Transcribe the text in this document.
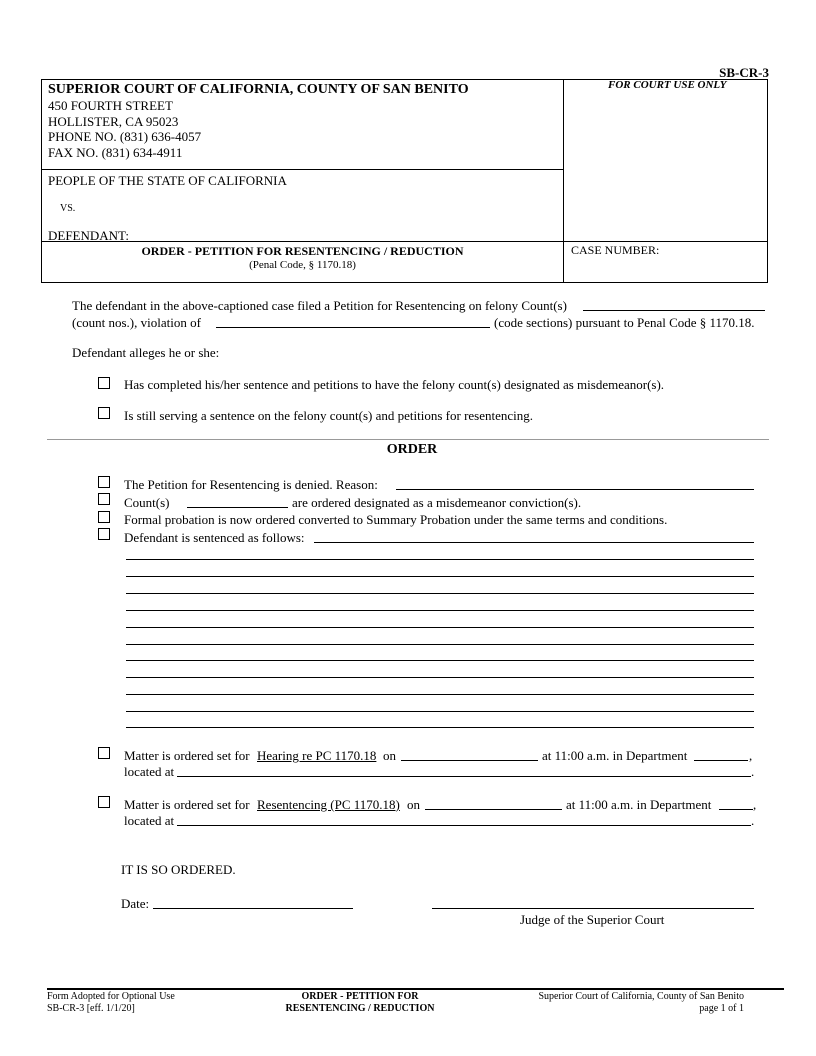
SB-CR-3
SUPERIOR COURT OF CALIFORNIA, COUNTY OF SAN BENITO
450 FOURTH STREET
HOLLISTER, CA 95023
PHONE NO. (831) 636-4057
FAX NO. (831) 634-4911
FOR COURT USE ONLY
PEOPLE OF THE STATE OF CALIFORNIA
VS.
DEFENDANT:
ORDER - PETITION FOR RESENTENCING / REDUCTION
(Penal Code, § 1170.18)
CASE NUMBER:
The defendant in the above-captioned case filed a Petition for Resentencing on felony Count(s)
(count nos.), violation of	(code sections) pursuant to Penal Code § 1170.18.
Defendant alleges he or she:
Has completed his/her sentence and petitions to have the felony count(s) designated as misdemeanor(s).
Is still serving a sentence on the felony count(s) and petitions for resentencing.
ORDER
The Petition for Resentencing is denied. Reason:
Count(s)	are ordered designated as a misdemeanor conviction(s).
Formal probation is now ordered converted to Summary Probation under the same terms and conditions.
Defendant is sentenced as follows:
Matter is ordered set for Hearing re PC 1170.18 on	at 11:00 a.m. in Department	,
located at	.
Matter is ordered set for Resentencing (PC 1170.18) on	at 11:00 a.m. in Department	,
located at	.
IT IS SO ORDERED.
Date:
Judge of the Superior Court
Form Adopted for Optional Use
SB-CR-3 [eff. 1/1/20]
ORDER - PETITION FOR
RESENTENCING / REDUCTION
Superior Court of California, County of San Benito
page 1 of 1
